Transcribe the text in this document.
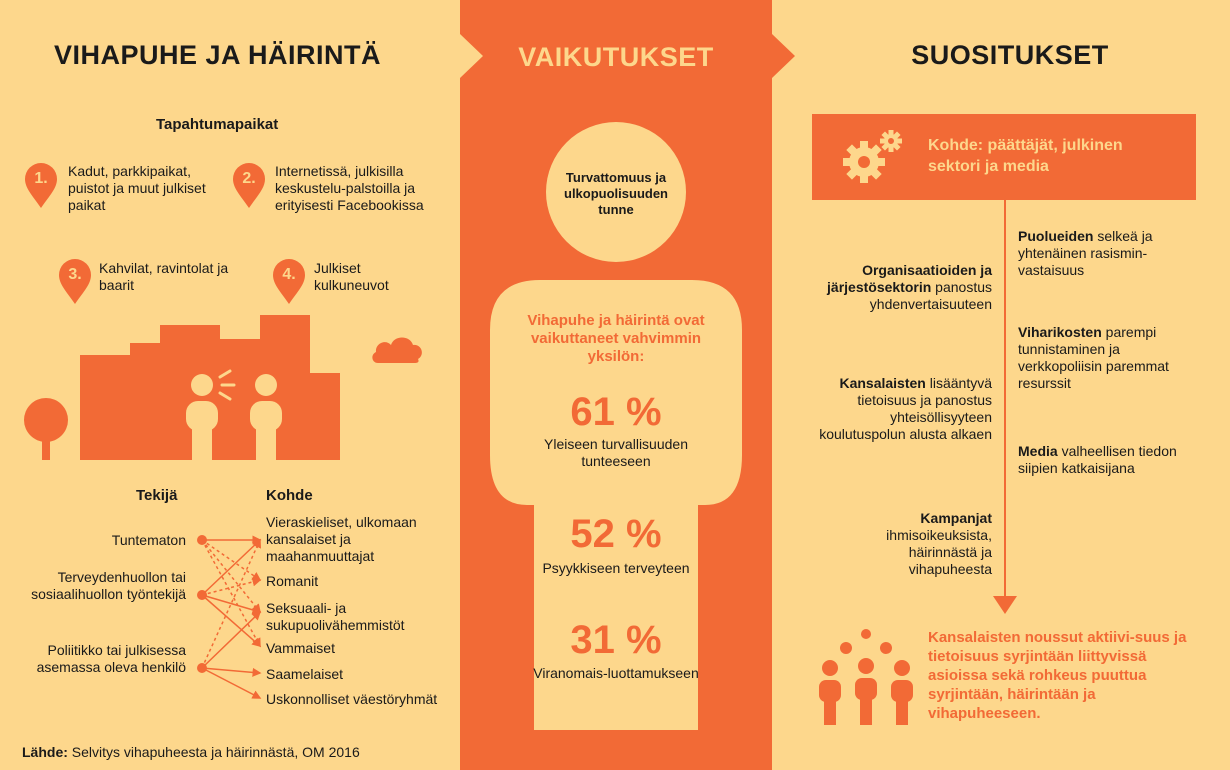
VIHAPUHE JA HÄIRINTÄ
Tapahtumapaikat
1.	Kadut, parkkipaikat, puistot ja muut julkiset paikat
2.	Internetissä, julkisilla keskustelu-palstoilla ja erityisesti Facebookissa
3.	Kahvilat, ravintolat ja baarit
4.	Julkiset kulkuneuvot
Tekijä	Kohde
Tuntematon
Terveydenhuollon tai sosiaalihuollon työntekijä
Poliitikko tai julkisessa asemassa oleva henkilö
Vieraskieliset, ulkomaan kansalaiset ja maahanmuuttajat
Romanit
Seksuaali- ja sukupuolivähemmistöt
Vammaiset
Saamelaiset
Uskonnolliset väestöryhmät
Lähde: Selvitys vihapuheesta ja häirinnästä, OM 2016
VAIKUTUKSET
Turvattomuus ja ulkopuolisuuden tunne
Vihapuhe ja häirintä ovat vaikuttaneet vahvimmin yksilön:
61 %
Yleiseen turvallisuuden tunteeseen
52 %
Psyykkiseen terveyteen
31 %
Viranomais-luottamukseen
SUOSITUKSET
Kohde: päättäjät, julkinen sektori ja media
Puolueiden selkeä ja yhtenäinen rasismin-vastaisuus
Organisaatioiden ja järjestösektorin panostus yhdenvertaisuuteen
Viharikosten parempi tunnistaminen ja verkkopoliisin paremmat resurssit
Kansalaisten lisääntyvä tietoisuus ja panostus yhteisöllisyyteen koulutuspolun alusta alkaen
Media valheellisen tiedon siipien katkaisijana
Kampanjat ihmisoikeuksista, häirinnästä ja vihapuheesta
Kansalaisten noussut aktiivi-suus ja tietoisuus syrjintään liittyvissä asioissa sekä rohkeus puuttua syrjintään, häirintään ja vihapuheeseen.
